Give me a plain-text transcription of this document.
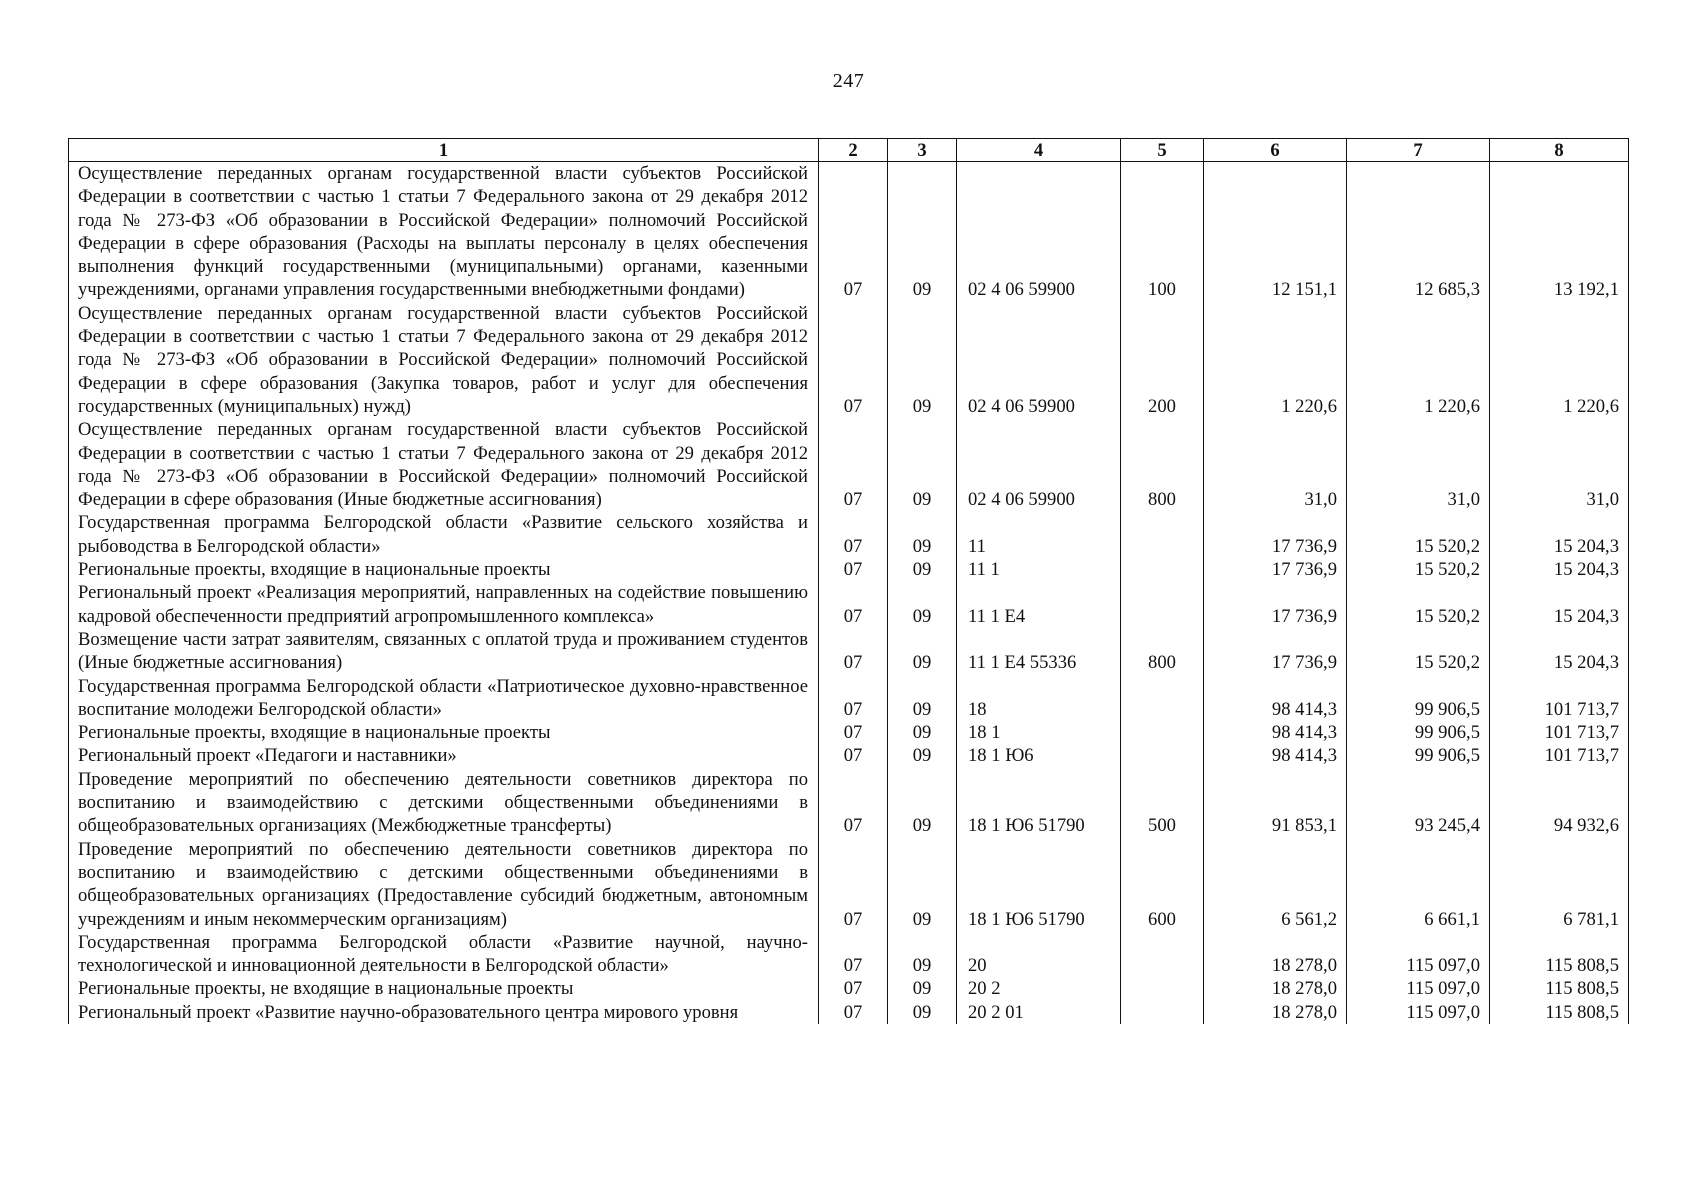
247
1	2	3	4	5	6	7	8
Осуществление переданных органам государственной власти субъектов Российской Федерации в соответствии с частью 1 статьи 7 Федерального закона от 29 декабря 2012 года № 273-ФЗ «Об образовании в Российской Федерации» полномочий Российской Федерации в сфере образования (Расходы на выплаты персоналу в целях обеспечения выполнения функций государственными (муниципальными) органами, казенными учреждениями, органами управления государственными внебюджетными фондами)	07	09	02 4 06 59900	100	12 151,1	12 685,3	13 192,1
Осуществление переданных органам государственной власти субъектов Российской Федерации в соответствии с частью 1 статьи 7 Федерального закона от 29 декабря 2012 года № 273-ФЗ «Об образовании в Российской Федерации» полномочий Российской Федерации в сфере образования (Закупка товаров, работ и услуг для обеспечения государственных (муниципальных) нужд)	07	09	02 4 06 59900	200	1 220,6	1 220,6	1 220,6
Осуществление переданных органам государственной власти субъектов Российской Федерации в соответствии с частью 1 статьи 7 Федерального закона от 29 декабря 2012 года № 273-ФЗ «Об образовании в Российской Федерации» полномочий Российской Федерации в сфере образования (Иные бюджетные ассигнования)	07	09	02 4 06 59900	800	31,0	31,0	31,0
Государственная программа Белгородской области «Развитие сельского хозяйства и рыбоводства в Белгородской области»	07	09	11		17 736,9	15 520,2	15 204,3
Региональные проекты, входящие в национальные проекты	07	09	11 1		17 736,9	15 520,2	15 204,3
Региональный проект «Реализация мероприятий, направленных на содействие повышению кадровой обеспеченности предприятий агропромышленного комплекса»	07	09	11 1 E4		17 736,9	15 520,2	15 204,3
Возмещение части затрат заявителям, связанных с оплатой труда и проживанием студентов (Иные бюджетные ассигнования)	07	09	11 1 E4 55336	800	17 736,9	15 520,2	15 204,3
Государственная программа Белгородской области «Патриотическое духовно-нравственное воспитание молодежи Белгородской области»	07	09	18		98 414,3	99 906,5	101 713,7
Региональные проекты, входящие в национальные проекты	07	09	18 1		98 414,3	99 906,5	101 713,7
Региональный проект «Педагоги и наставники»	07	09	18 1 Ю6		98 414,3	99 906,5	101 713,7
Проведение мероприятий по обеспечению деятельности советников директора по воспитанию и взаимодействию с детскими общественными объединениями в общеобразовательных организациях (Межбюджетные трансферты)	07	09	18 1 Ю6 51790	500	91 853,1	93 245,4	94 932,6
Проведение мероприятий по обеспечению деятельности советников директора по воспитанию и взаимодействию с детскими общественными объединениями в общеобразовательных организациях (Предоставление субсидий бюджетным, автономным учреждениям и иным некоммерческим организациям)	07	09	18 1 Ю6 51790	600	6 561,2	6 661,1	6 781,1
Государственная программа Белгородской области «Развитие научной, научно-технологической и инновационной деятельности в Белгородской области»	07	09	20		18 278,0	115 097,0	115 808,5
Региональные проекты, не входящие в национальные проекты	07	09	20 2		18 278,0	115 097,0	115 808,5
Региональный проект «Развитие научно-образовательного центра мирового уровня	07	09	20 2 01		18 278,0	115 097,0	115 808,5
